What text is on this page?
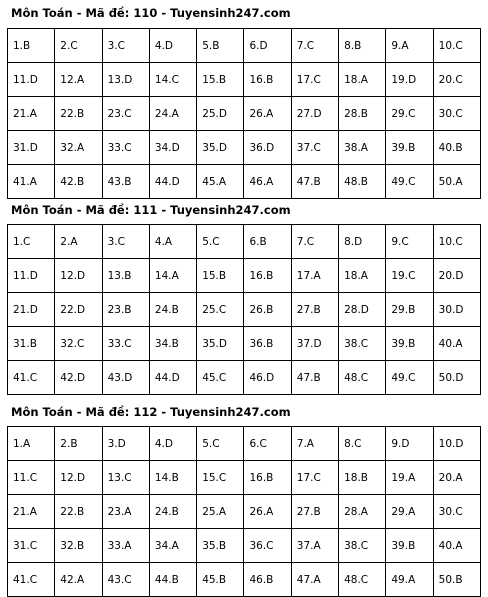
Môn Toán - Mã đề: 110 - Tuyensinh247.com
1.B	2.C	3.C	4.D	5.B	6.D	7.C	8.B	9.A	10.C
11.D	12.A	13.D	14.C	15.B	16.B	17.C	18.A	19.D	20.C
21.A	22.B	23.C	24.A	25.D	26.A	27.D	28.B	29.C	30.C
31.D	32.A	33.C	34.D	35.D	36.D	37.C	38.A	39.B	40.B
41.A	42.B	43.B	44.D	45.A	46.A	47.B	48.B	49.C	50.A
Môn Toán - Mã đề: 111 - Tuyensinh247.com
1.C	2.A	3.C	4.A	5.C	6.B	7.C	8.D	9.C	10.C
11.D	12.D	13.B	14.A	15.B	16.B	17.A	18.A	19.C	20.D
21.D	22.D	23.B	24.B	25.C	26.B	27.B	28.D	29.B	30.D
31.B	32.C	33.C	34.B	35.D	36.B	37.D	38.C	39.B	40.A
41.C	42.D	43.D	44.D	45.C	46.D	47.B	48.C	49.C	50.D
Môn Toán - Mã đề: 112 - Tuyensinh247.com
1.A	2.B	3.D	4.D	5.C	6.C	7.A	8.C	9.D	10.D
11.C	12.D	13.C	14.B	15.C	16.B	17.C	18.B	19.A	20.A
21.A	22.B	23.A	24.B	25.A	26.A	27.B	28.A	29.A	30.C
31.C	32.B	33.A	34.A	35.B	36.C	37.A	38.C	39.B	40.A
41.C	42.A	43.C	44.B	45.B	46.B	47.A	48.C	49.A	50.B
